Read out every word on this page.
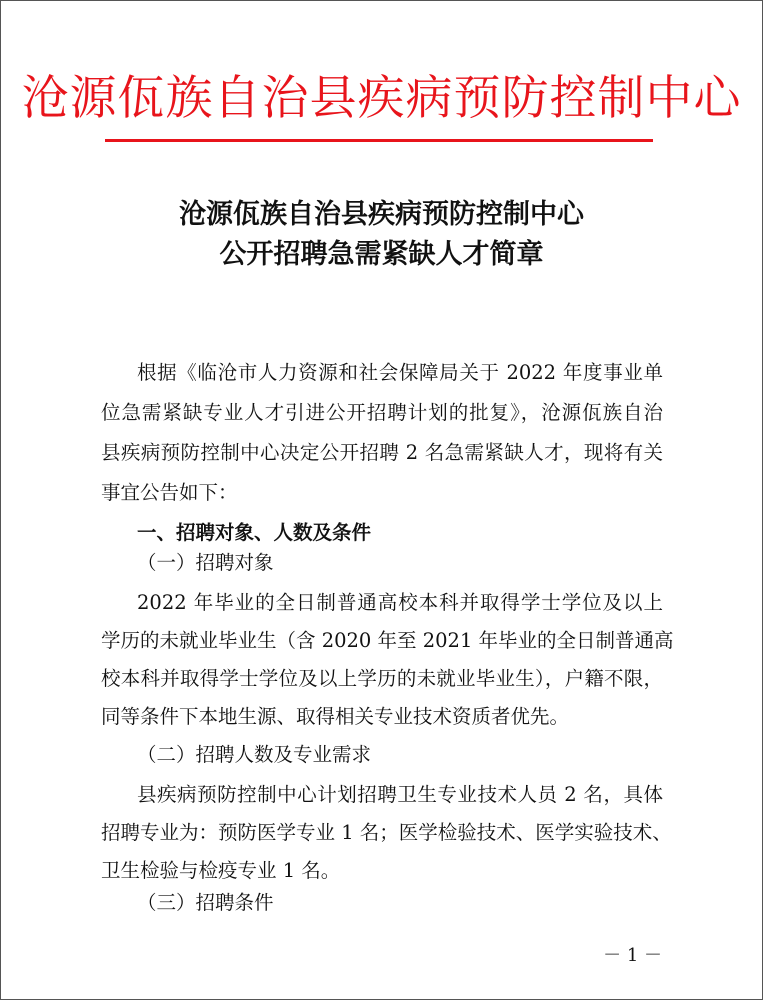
沧源佤族自治县疾病预防控制中心
沧源佤族自治县疾病预防控制中心
公开招聘急需紧缺人才简章
根据《临沧市人力资源和社会保障局关于 2022 年度事业单
位急需紧缺专业人才引进公开招聘计划的批复》，沧源佤族自治
县疾病预防控制中心决定公开招聘 2 名急需紧缺人才，现将有关
事宜公告如下：
一、招聘对象、人数及条件
（一）招聘对象
2022 年毕业的全日制普通高校本科并取得学士学位及以上
学历的未就业毕业生（含 2020 年至 2021 年毕业的全日制普通高
校本科并取得学士学位及以上学历的未就业毕业生），户籍不限，
同等条件下本地生源、取得相关专业技术资质者优先。
（二）招聘人数及专业需求
县疾病预防控制中心计划招聘卫生专业技术人员 2 名，具体
招聘专业为：预防医学专业 1 名；医学检验技术、医学实验技术、
卫生检验与检疫专业 1 名。
（三）招聘条件
－ 1 －
